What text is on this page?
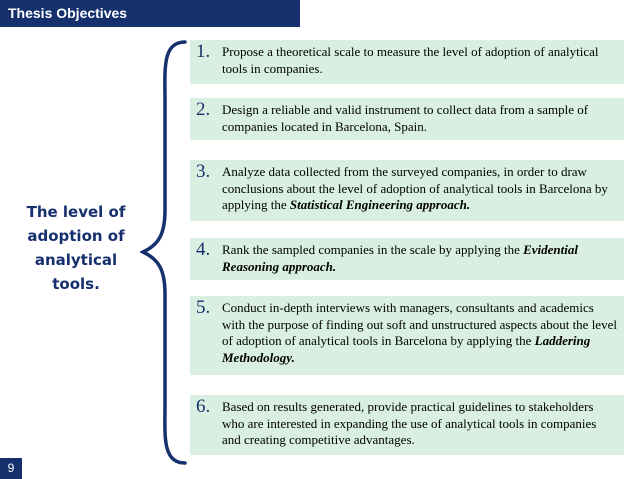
Thesis Objectives
The level of
adoption of
analytical
tools.
1. Propose a theoretical scale to measure the level of adoption of analytical tools in companies.
2. Design a reliable and valid instrument to collect data from a sample of companies located in Barcelona, Spain.
3. Analyze data collected from the surveyed companies, in order to draw conclusions about the level of adoption of analytical tools in Barcelona by applying the Statistical Engineering approach.
4. Rank the sampled companies in the scale by applying the Evidential Reasoning approach.
5. Conduct in-depth interviews with managers, consultants and academics with the purpose of finding out soft and unstructured aspects about the level of adoption of analytical tools in Barcelona by applying the Laddering Methodology.
6. Based on results generated, provide practical guidelines to stakeholders who are interested in expanding the use of analytical tools in companies and creating competitive advantages.
9
